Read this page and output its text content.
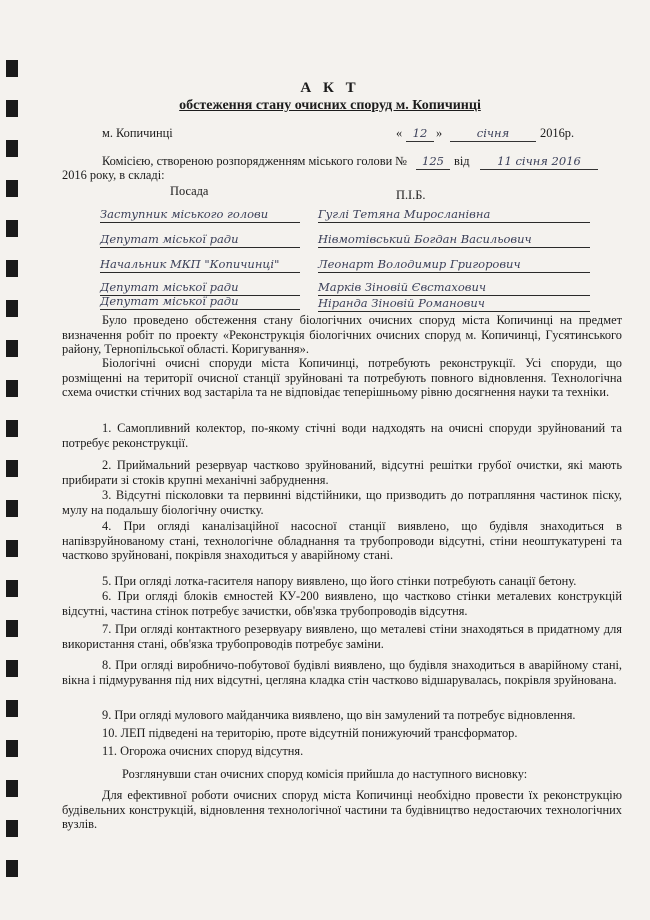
А К Т
обстеження стану очисних споруд м. Копичинці
м. Копичинці	« 12 »	січня	2016р.
Комісією, створеною розпорядженням міського голови №	125 від	11 січня 2016
2016 року, в складі:
Посада	П.І.Б.
Заступник міського голови	Гуглі Тетяна Миросланівна
Депутат міської ради	Нівмотівський Богдан Васильович
Начальник МКП "Копичинці"	Леонарт Володимир Григорович
Депутат міської ради	Марків Зіновій Євстахович
Депутат міської ради	Ніранда Зіновій Романович

Було проведено обстеження стану біологічних очисних споруд міста Копичинці на предмет визначення робіт по проекту «Реконструкція біологічних очисних споруд м. Копичинці, Гусятинського району, Тернопільської області. Коригування».

Біологічні очисні споруди міста Копичинці, потребують реконструкції. Усі споруди, що розміщенні на території очисної станції зруйновані та потребують повного відновлення. Технологічна схема очистки стічних вод застаріла та не відповідає теперішньому рівню досягнення науки та техніки.

1. Самопливний колектор, по-якому стічні води надходять на очисні споруди зруйнований та потребує реконструкції.

2. Приймальний резервуар частково зруйнований, відсутні решітки грубої очистки, які мають прибирати зі стоків крупні механічні забруднення.

3. Відсутні пісколовки та первинні відстійники, що призводить до потрапляння частинок піску, мулу на подальшу біологічну очистку.

4. При огляді каналізаційної насосної станції виявлено, що будівля знаходиться в напівзруйнованому стані, технологічне обладнання та трубопроводи відсутні, стіни неоштукатурені та частково зруйновані, покрівля знаходиться у аварійному стані.

5. При огляді лотка-гасителя напору виявлено, що його стінки потребують санації бетону.

6. При огляді блоків ємностей КУ-200 виявлено, що частково стінки металевих конструкцій відсутні, частина стінок потребує зачистки, обв'язка трубопроводів відсутня.

7. При огляді контактного резервуару виявлено, що металеві стіни знаходяться в придатному для використання стані, обв'язка трубопроводів потребує заміни.

8. При огляді виробничо-побутової будівлі виявлено, що будівля знаходиться в аварійному стані, вікна і підмурування під них відсутні, цегляна кладка стін частково відшарувалась, покрівля зруйнована.

9. При огляді мулового майданчика виявлено, що він замулений та потребує відновлення.

10. ЛЕП підведені на територію, проте відсутній понижуючий трансформатор.

11. Огорожа очисних споруд відсутня.

Розглянувши стан очисних споруд комісія прийшла до наступного висновку:

Для ефективної роботи очисних споруд міста Копичинці необхідно провести їх реконструкцію будівельних конструкцій, відновлення технологічної частини та будівництво недостаючих технологічних вузлів.
